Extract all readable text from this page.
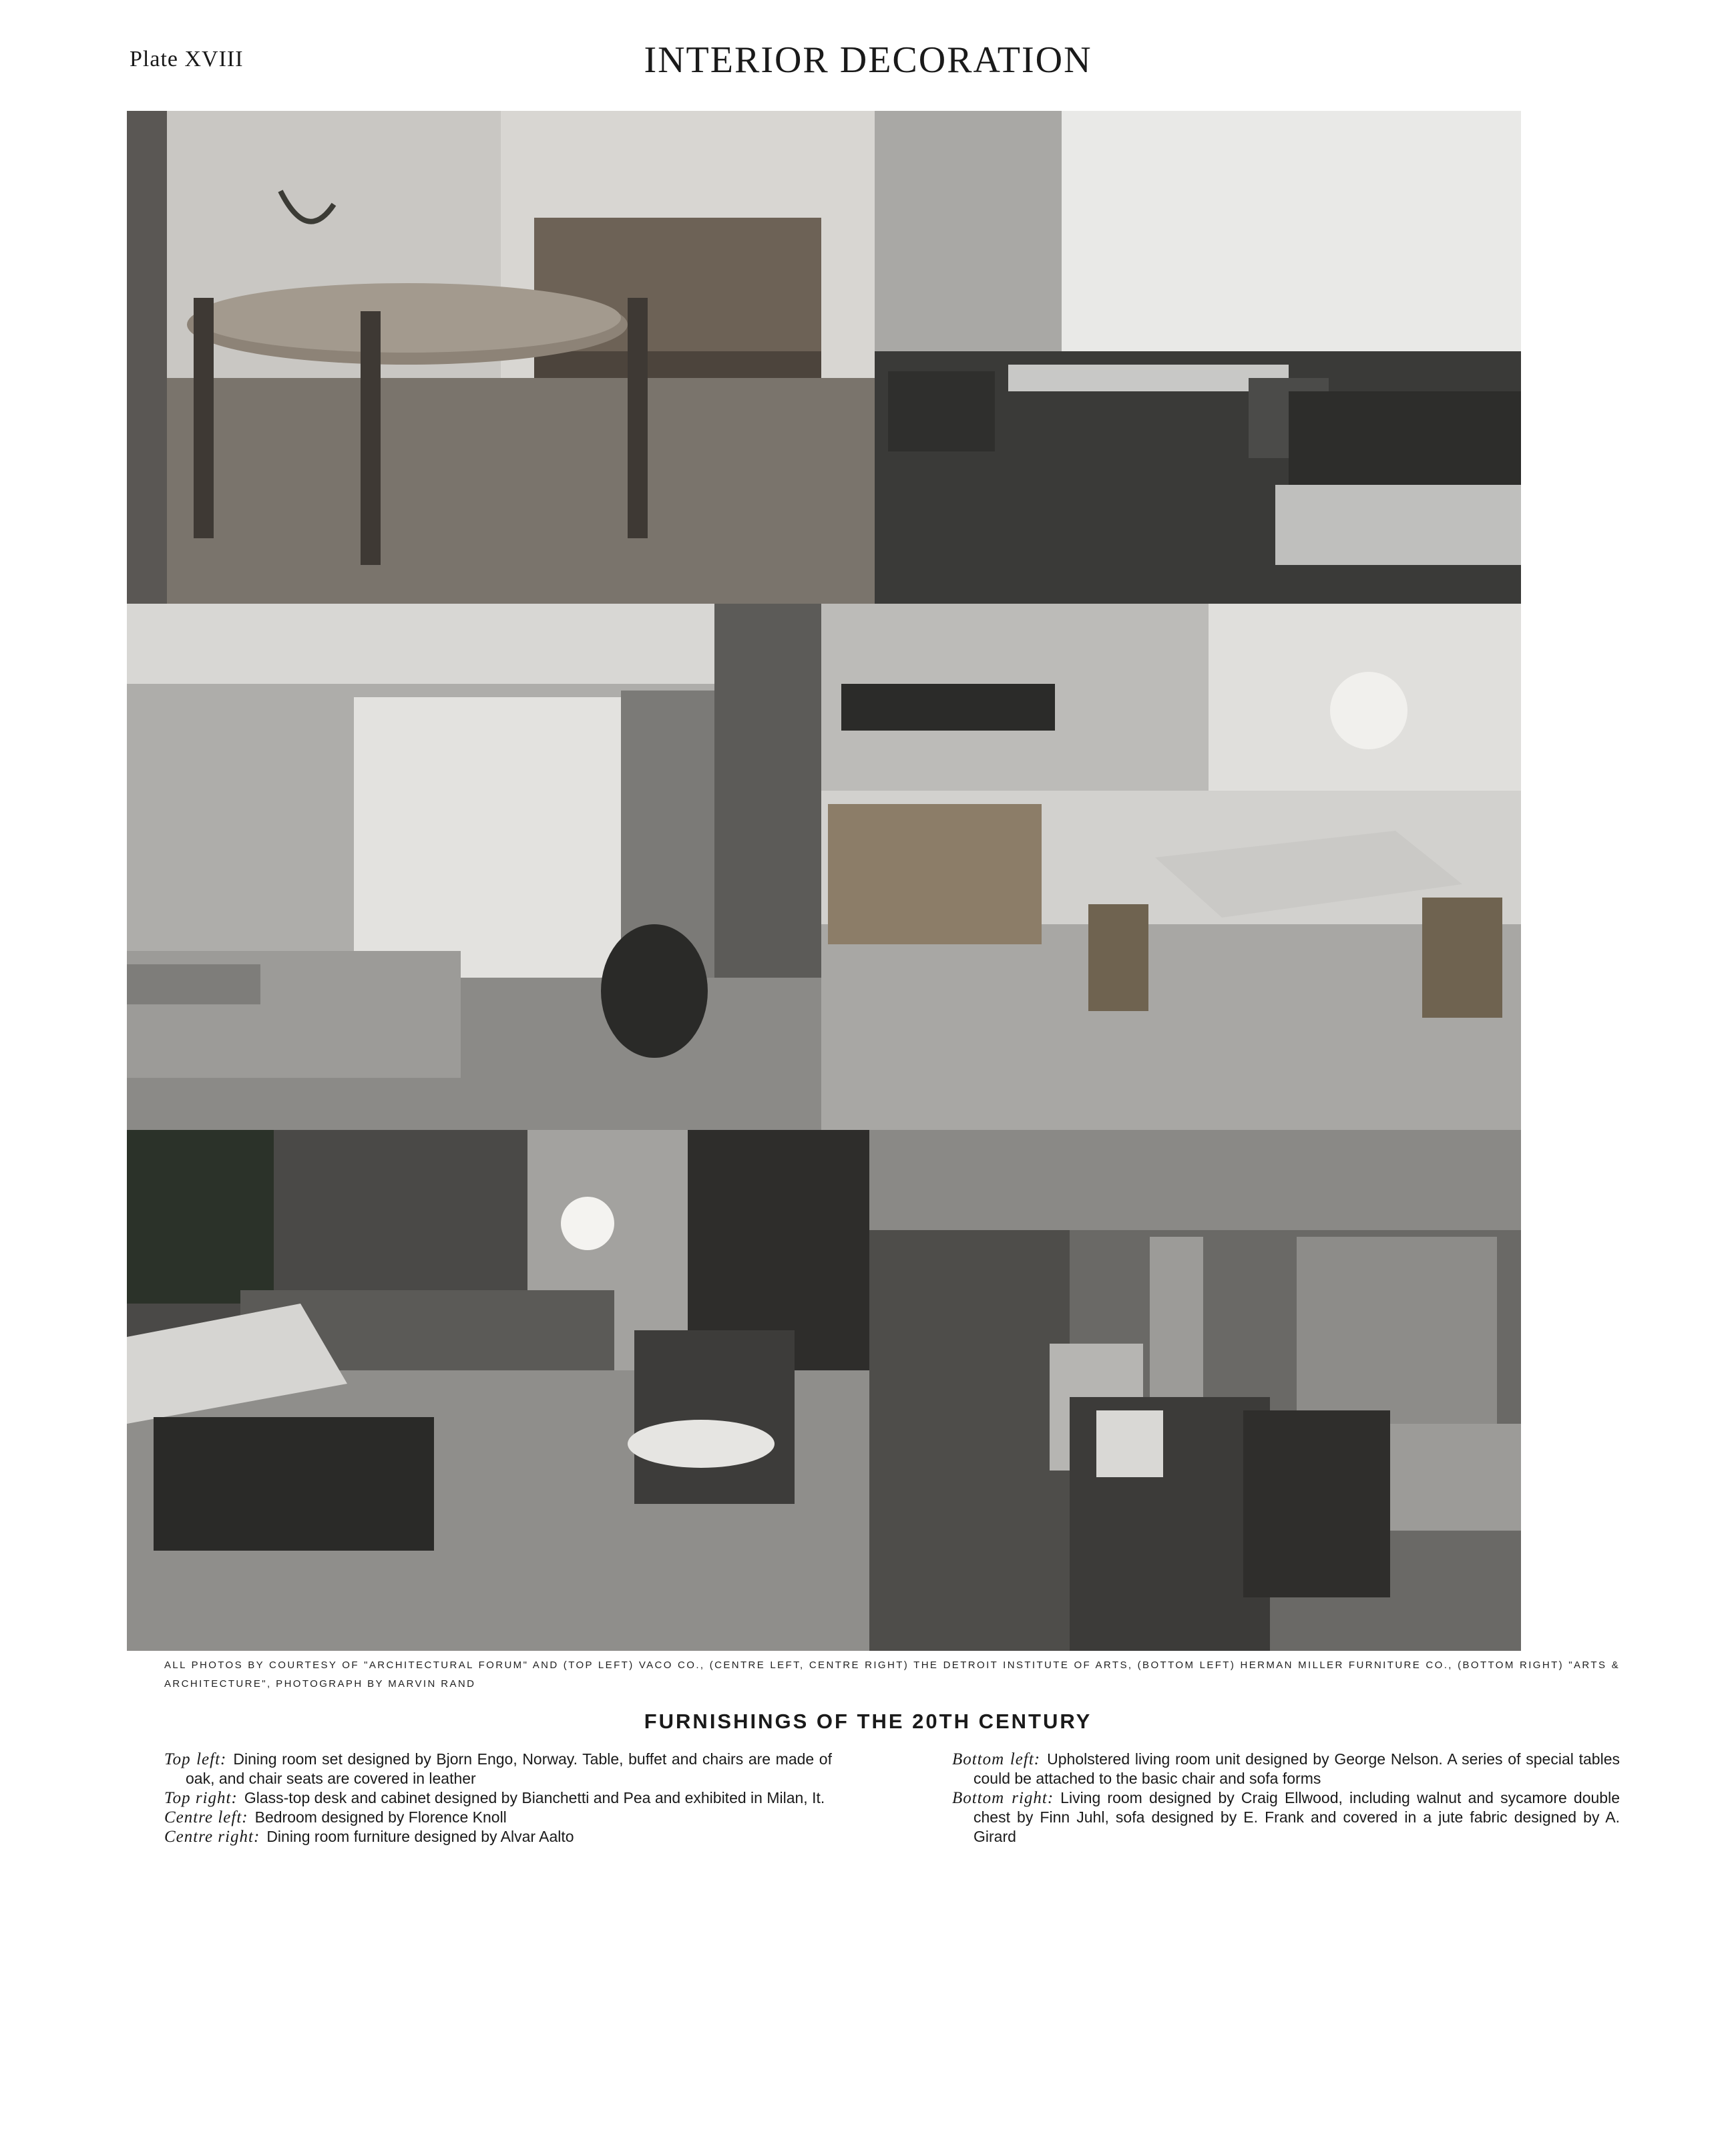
Plate XVIII	INTERIOR DECORATION
ALL PHOTOS BY COURTESY OF "ARCHITECTURAL FORUM" AND (TOP LEFT) VACO CO., (CENTRE LEFT, CENTRE RIGHT) THE DETROIT INSTITUTE OF ARTS, (BOTTOM LEFT) HERMAN MILLER FURNITURE CO., (BOTTOM RIGHT) "ARTS & ARCHITECTURE", PHOTOGRAPH BY MARVIN RAND
FURNISHINGS OF THE 20TH CENTURY

Top left: Dining room set designed by Bjorn Engo, Norway. Table, buffet and chairs are made of oak, and chair seats are covered in leather

Top right: Glass-top desk and cabinet designed by Bianchetti and Pea and exhibited in Milan, It.

Centre left: Bedroom designed by Florence Knoll

Centre right: Dining room furniture designed by Alvar Aalto

Bottom left: Upholstered living room unit designed by George Nelson. A series of special tables could be attached to the basic chair and sofa forms

Bottom right: Living room designed by Craig Ellwood, including walnut and sycamore double chest by Finn Juhl, sofa designed by E. Frank and covered in a jute fabric designed by A. Girard
